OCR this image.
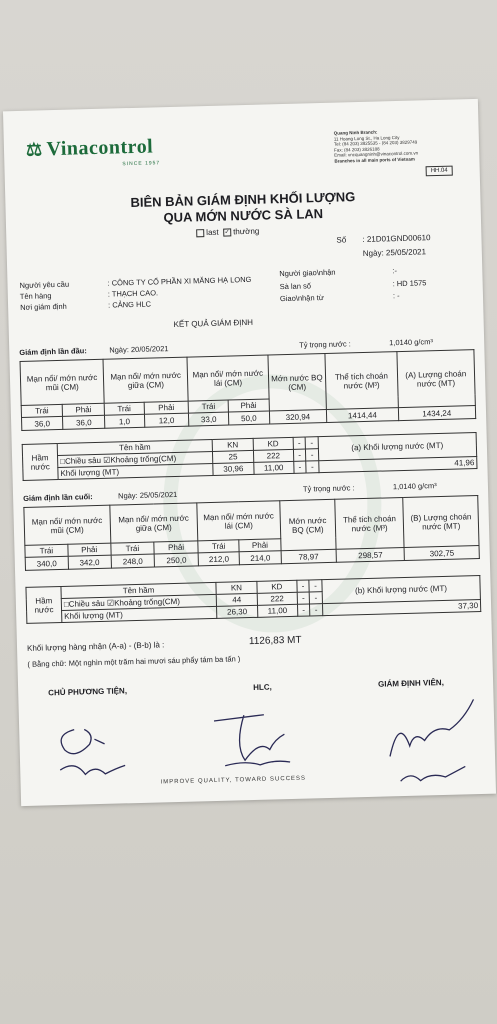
⚖ Vinacontrol
SINCE 1957
Quang Ninh Branch:
11 Hoang Long St., Ha Long City
Tel: (84 203) 3825535 - (84 203) 3829749
Fax: (84 203) 3826188
Email: vncquangninh@vinacontrol.com.vn
Branches in all main ports of Vietnam
HH.04
BIÊN BẢN GIÁM ĐỊNH KHỐI LƯỢNG
QUA MỚN NƯỚC SÀ LAN
last ✓ thường
Số : 21D01GND00610
Ngày: 25/05/2021
Người yêu cầu	: CÔNG TY CỔ PHẦN XI MĂNG HẠ LONG
Tên hàng	: THẠCH CAO.
Nơi giám định	: CẢNG HLC
Người giao\nhận	:-
Sà lan số	: HD 1575
Giao\nhận từ	: -
KẾT QUẢ GIÁM ĐỊNH
Giám định lần đầu:	Ngày: 20/05/2021	Tỷ trọng nước :	1,0140 g/cm³
Mạn nổi/ mớn nước mũi (CM)		Mạn nổi/ mớn nước giữa (CM)		Mạn nổi/ mớn nước lái (CM)		Mớn nước BQ (CM)	Thể tích choán nước (M³)	(A) Lượng choán nước (MT)
Trái	Phải	Trái	Phải	Trái	Phải			
36,0	36,0	1,0	12,0	33,0	50,0	320,94	1414,44	1434,24
Hầm nước	Tên hầm	KN	KD	-	-	(a) Khối lượng nước (MT)
	□Chiều sâu ☑Khoảng trống(CM)	25	222	-	-	
	Khối lượng (MT)	30,96	11,00	-	-	41,96
Giám định lần cuối:	Ngày: 25/05/2021
Tỷ trọng nước :	1,0140 g/cm³
Mạn nổi/ mớn nước mũi (CM)		Mạn nổi/ mớn nước giữa (CM)		Mạn nổi/ mớn nước lái (CM)		Mớn nước BQ (CM)	Thể tích choán nước (M³)	(B) Lượng choán nước (MT)
Trái	Phải	Trái	Phải	Trái	Phải			
340,0	342,0	248,0	250,0	212,0	214,0	78,97	298,57	302,75
Hầm nước	Tên hầm	KN	KD	-	-	(b) Khối lượng nước (MT)
	□Chiều sâu ☑Khoảng trống(CM)	44	222	-	-	
	Khối lượng (MT)	26,30	11,00	-	-	37,30
Khối lượng hàng nhận (A-a) - (B-b) là :	1126,83 MT
( Bằng chữ: Một nghìn một trăm hai mươi sáu phẩy tám ba tấn )
CHỦ PHƯƠNG TIỆN,	HLC,	GIÁM ĐỊNH VIÊN,
IMPROVE QUALITY, TOWARD SUCCESS
